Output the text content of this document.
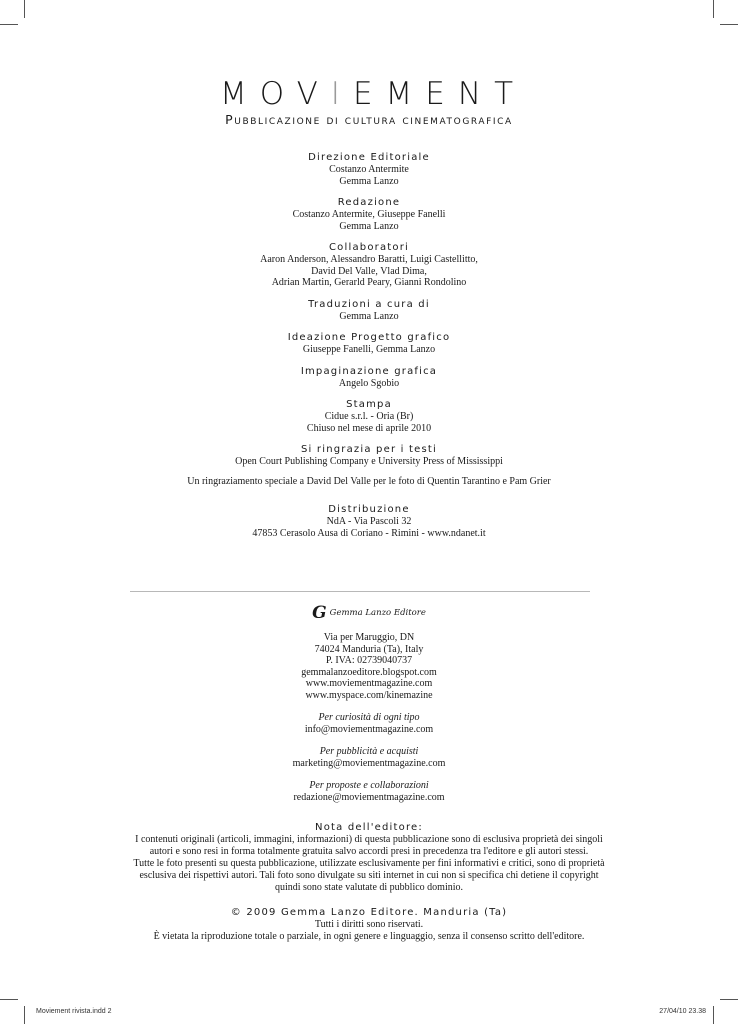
MOVIEMENT
Pubblicazione di cultura cinematografica
Direzione Editoriale
Costanzo Antermite
Gemma Lanzo
Redazione
Costanzo Antermite, Giuseppe Fanelli
Gemma Lanzo
Collaboratori
Aaron Anderson, Alessandro Baratti, Luigi Castellitto,
David Del Valle, Vlad Dima,
Adrian Martin, Gerarld Peary, Gianni Rondolino
Traduzioni a cura di
Gemma Lanzo
Ideazione Progetto grafico
Giuseppe Fanelli, Gemma Lanzo
Impaginazione grafica
Angelo Sgobio
Stampa
Cidue s.r.l. - Oria (Br)
Chiuso nel mese di aprile 2010
Si ringrazia per i testi
Open Court Publishing Company e University Press of Mississippi
Un ringraziamento speciale a David Del Valle per le foto di Quentin Tarantino e Pam Grier
Distribuzione
NdA - Via Pascoli 32
47853 Cerasolo Ausa di Coriano - Rimini - www.ndanet.it
G Gemma Lanzo Editore
Via per Maruggio, DN
74024 Manduria (Ta), Italy
P. IVA: 02739040737
gemmalanzoeditore.blogspot.com
www.moviementmagazine.com
www.myspace.com/kinemazine
Per curiosità di ogni tipo
info@moviementmagazine.com
Per pubblicità e acquisti
marketing@moviementmagazine.com
Per proposte e collaborazioni
redazione@moviementmagazine.com
Nota dell'editore:
I contenuti originali (articoli, immagini, informazioni) di questa pubblicazione sono di esclusiva proprietà dei singoli
autori e sono resi in forma totalmente gratuita salvo accordi presi in precedenza tra l'editore e gli autori stessi.
Tutte le foto presenti su questa pubblicazione, utilizzate esclusivamente per fini informativi e critici, sono di proprietà
esclusiva dei rispettivi autori. Tali foto sono divulgate su siti internet in cui non si specifica chi detiene il copyright
quindi sono state valutate di pubblico dominio.
© 2009 Gemma Lanzo Editore. Manduria (Ta)
Tutti i diritti sono riservati.
È vietata la riproduzione totale o parziale, in ogni genere e linguaggio, senza il consenso scritto dell'editore.
Moviement rivista.indd 2	27/04/10 23.38
